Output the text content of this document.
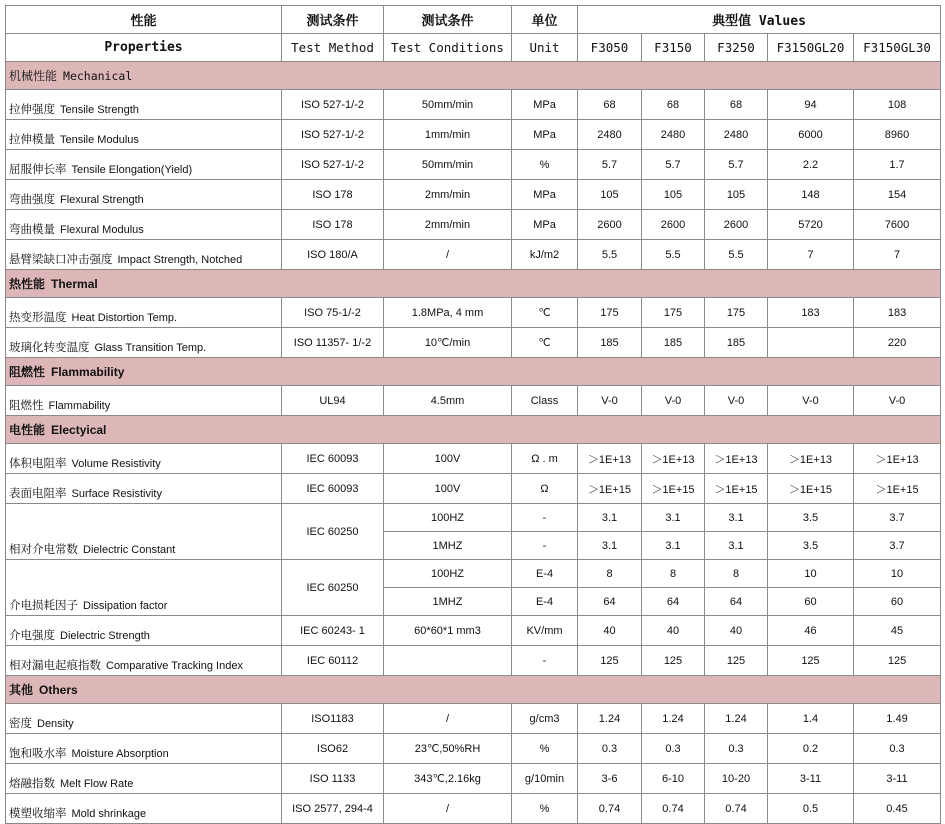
性能	测试条件	测试条件	单位	典型值 Values				
Properties	Test Method	Test Conditions	Unit	F3050	F3150	F3250	F3150GL20	F3150GL30
机械性能 Mechanical								
拉伸强度 Tensile Strength	ISO 527-1/-2	50mm/min	MPa	68	68	68	94	108
拉伸模量 Tensile Modulus	ISO 527-1/-2	1mm/min	MPa	2480	2480	2480	6000	8960
屈服伸长率 Tensile Elongation(Yield)	ISO 527-1/-2	50mm/min	%	5.7	5.7	5.7	2.2	1.7
弯曲强度 Flexural Strength	ISO 178	2mm/min	MPa	105	105	105	148	154
弯曲模量 Flexural Modulus	ISO 178	2mm/min	MPa	2600	2600	2600	5720	7600
悬臂梁缺口冲击强度 Impact Strength, Notched	ISO 180/A	/	kJ/m2	5.5	5.5	5.5	7	7
热性能 Thermal								
热变形温度 Heat Distortion Temp.	ISO 75-1/-2	1.8MPa, 4 mm	℃	175	175	175	183	183
玻璃化转变温度 Glass Transition Temp.	ISO 11357- 1/-2	10℃/min	℃	185	185	185		220
阻燃性 Flammability								
阻燃性 Flammability	UL94	4.5mm	Class	V-0	V-0	V-0	V-0	V-0
电性能 Electyical								
体积电阻率 Volume Resistivity	IEC 60093	100V	Ω . m	＞1E+13	＞1E+13	＞1E+13	＞1E+13	＞1E+13
表面电阻率 Surface Resistivity	IEC 60093	100V	Ω	＞1E+15	＞1E+15	＞1E+15	＞1E+15	＞1E+15
相对介电常数 Dielectric Constant	IEC 60250	100HZ	-	3.1	3.1	3.1	3.5	3.7
		1MHZ	-	3.1	3.1	3.1	3.5	3.7
介电损耗因子 Dissipation factor	IEC 60250	100HZ	E-4	8	8	8	10	10
		1MHZ	E-4	64	64	64	60	60
介电强度 Dielectric Strength	IEC 60243- 1	60*60*1 mm3	KV/mm	40	40	40	46	45
相对漏电起痕指数 Comparative Tracking Index	IEC 60112		-	125	125	125	125	125
其他 Others								
密度 Density	ISO1183	/	g/cm3	1.24	1.24	1.24	1.4	1.49
饱和吸水率 Moisture Absorption	ISO62	23℃,50%RH	%	0.3	0.3	0.3	0.2	0.3
熔融指数 Melt Flow Rate	ISO 1133	343℃,2.16kg	g/10min	3-6	6-10	10-20	3-11	3-11
模塑收缩率 Mold shrinkage	ISO 2577, 294-4	/	%	0.74	0.74	0.74	0.5	0.45
